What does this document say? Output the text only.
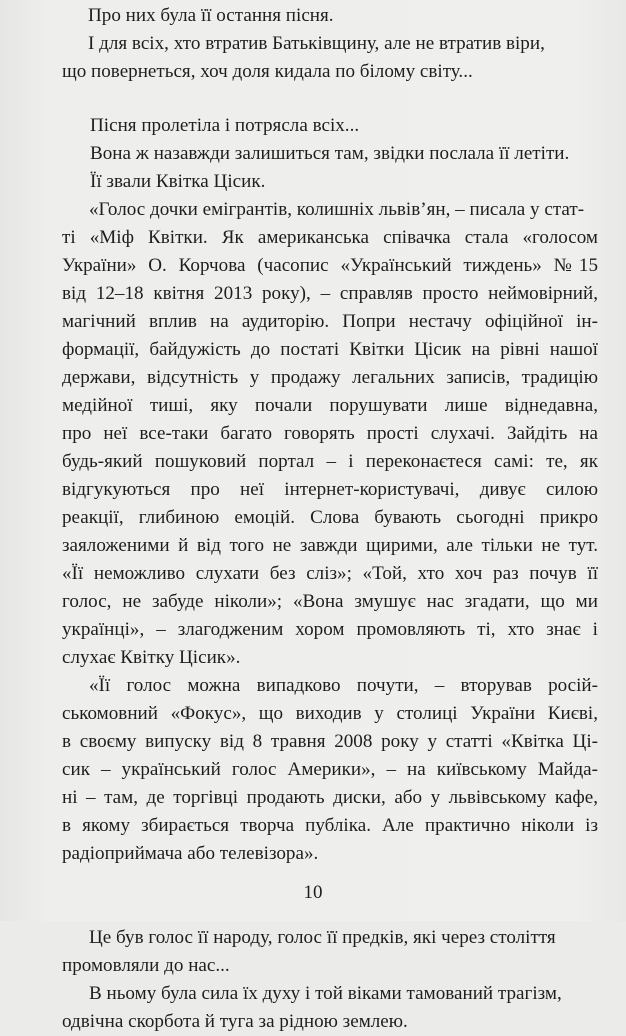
Про них була її остання пісня.
І для всіх, хто втратив Батьківщину, але не втратив віри,
що повернеться, хоч доля кидала по білому світу...
Пісня пролетіла і потрясла всіх...
Вона ж назавжди залишиться там, звідки послала її летіти.
Її звали Квітка Цісик.
«Голос дочки емігрантів, колишніх львів’ян, – писала у стат-
ті «Міф Квітки. Як американська співачка стала «голосом
України» О. Корчова (часопис «Український тиждень» №15
від 12–18 квітня 2013 року), – справляв просто неймовірний,
магічний вплив на аудиторію. Попри нестачу офіційної ін-
формації, байдужість до постаті Квітки Цісик на рівні нашої
держави, відсутність у продажу легальних записів, традицію
медійної тиші, яку почали порушувати лише віднедавна,
про неї все-таки багато говорять прості слухачі. Зайдіть на
будь-який пошуковий портал – і переконаєтеся самі: те, як
відгукуються про неї інтернет-користувачі, дивує силою
реакції, глибиною емоцій. Слова бувають сьогодні прикро
заяложеними й від того не завжди щирими, але тільки не тут.
«Її неможливо слухати без сліз»; «Той, хто хоч раз почув її
голос, не забуде ніколи»; «Вона змушує нас згадати, що ми
українці», – злагодженим хором промовляють ті, хто знає і
слухає Квітку Цісик».
«Її голос можна випадково почути, – вторував росій-
ськомовний «Фокус», що виходив у столиці України Києві,
в своєму випуску від 8 травня 2008 року у статті «Квітка Ці-
сик – український голос Америки», – на київському Майда-
ні – там, де торгівці продають диски, або у львівському кафе,
в якому збирається творча публіка. Але практично ніколи із
радіоприймача або телевізора».
Це був голос її народу, голос її предків, які через століття
промовляли до нас...
В ньому була сила їх духу і той віками тамований трагізм,
одвічна скорбота й туга за рідною землею.
10
